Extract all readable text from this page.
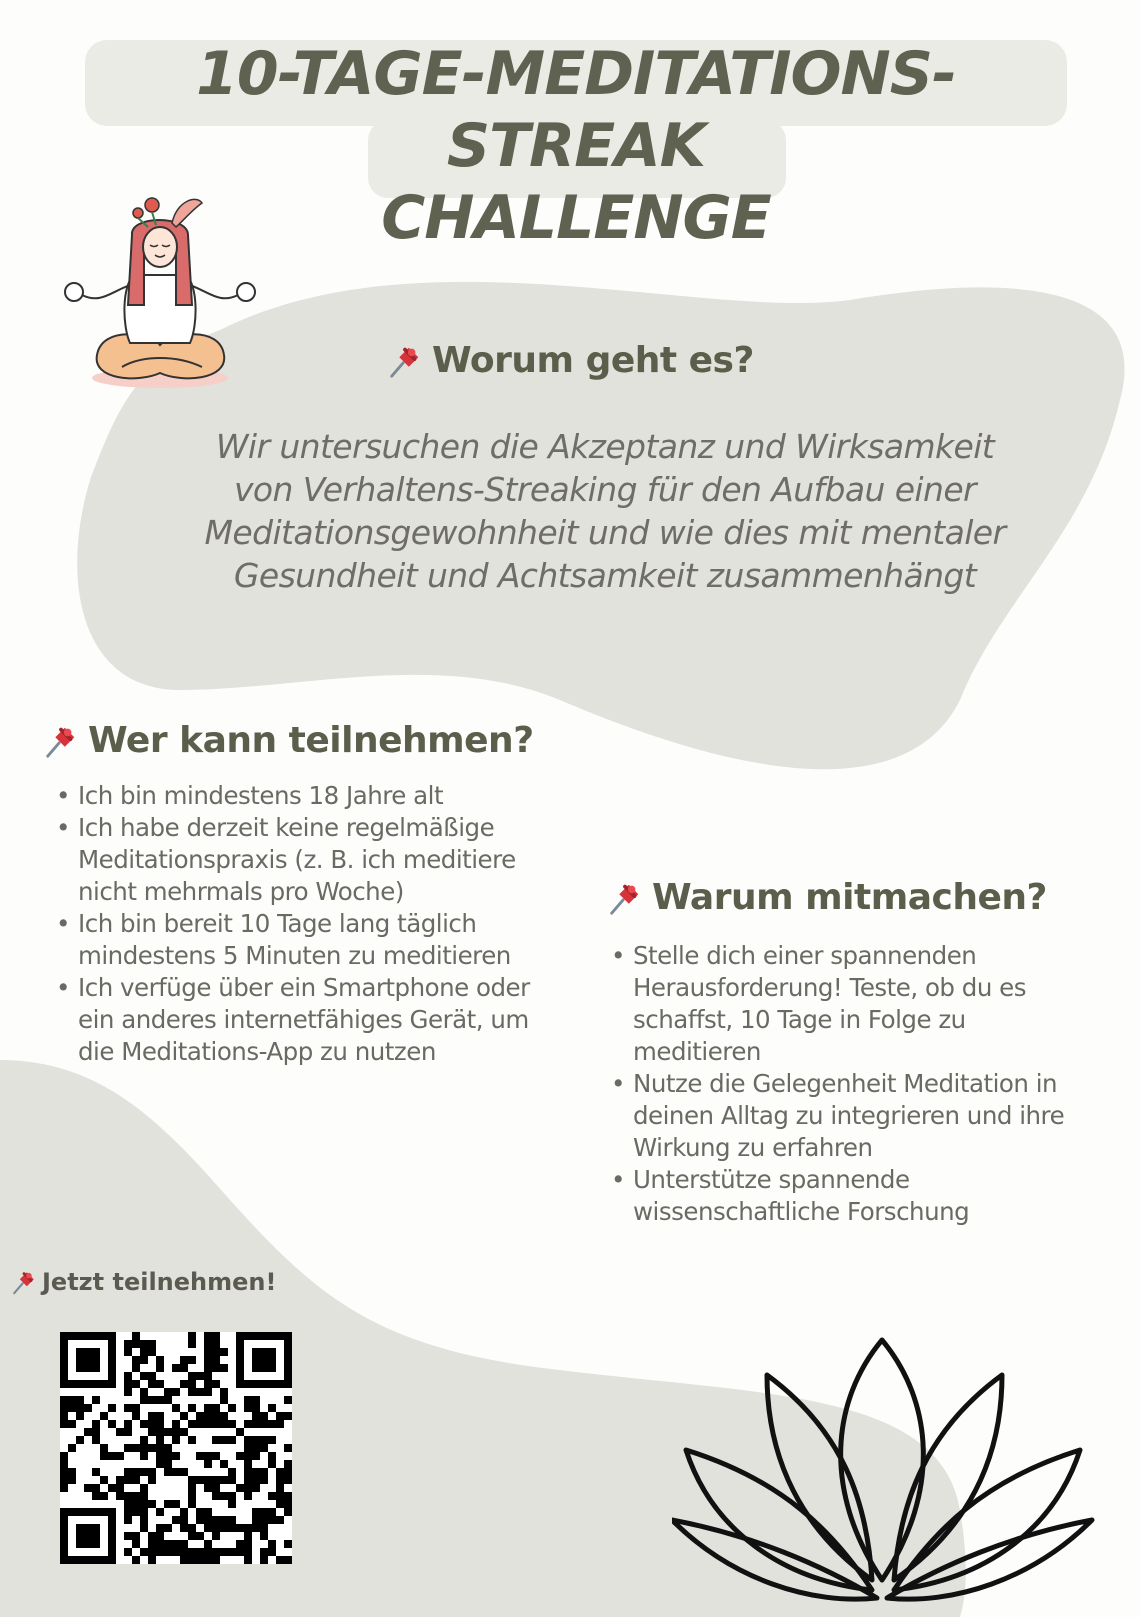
10-TAGE-MEDITATIONS-STREAK
CHALLENGE
Worum geht es?
Wir untersuchen die Akzeptanz und Wirksamkeit von Verhaltens-Streaking für den Aufbau einer Meditationsgewohnheit und wie dies mit mentaler Gesundheit und Achtsamkeit zusammenhängt
Wer kann teilnehmen?
• Ich bin mindestens 18 Jahre alt
• Ich habe derzeit keine regelmäßige Meditationspraxis (z. B. ich meditiere nicht mehrmals pro Woche)
• Ich bin bereit 10 Tage lang täglich mindestens 5 Minuten zu meditieren
• Ich verfüge über ein Smartphone oder ein anderes internetfähiges Gerät, um die Meditations-App zu nutzen
Warum mitmachen?
• Stelle dich einer spannenden Herausforderung! Teste, ob du es schaffst, 10 Tage in Folge zu meditieren
• Nutze die Gelegenheit Meditation in deinen Alltag zu integrieren und ihre Wirkung zu erfahren
• Unterstütze spannende wissenschaftliche Forschung
Jetzt teilnehmen!
